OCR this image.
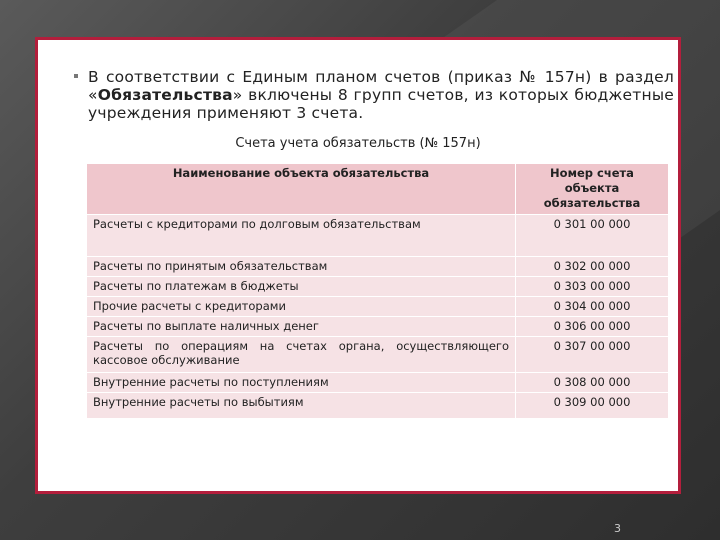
В соответствии с Единым планом счетов (приказ № 157н) в раздел «Обязательства» включены 8 групп счетов, из которых бюджетные учреждения применяют 3 счета.
Счета учета обязательств (№ 157н)
Наименование объекта обязательства	Номер счета объекта обязательства
Расчеты с кредиторами по долговым обязательствам	0 301 00 000
Расчеты по принятым обязательствам	0 302 00 000
Расчеты по платежам в бюджеты	0 303 00 000
Прочие расчеты с кредиторами	0 304 00 000
Расчеты по выплате наличных денег	0 306 00 000
Расчеты по операциям на счетах органа, осуществляющего кассовое обслуживание	0 307 00 000
Внутренние расчеты по поступлениям	0 308 00 000
Внутренние расчеты по выбытиям	0 309 00 000
3
